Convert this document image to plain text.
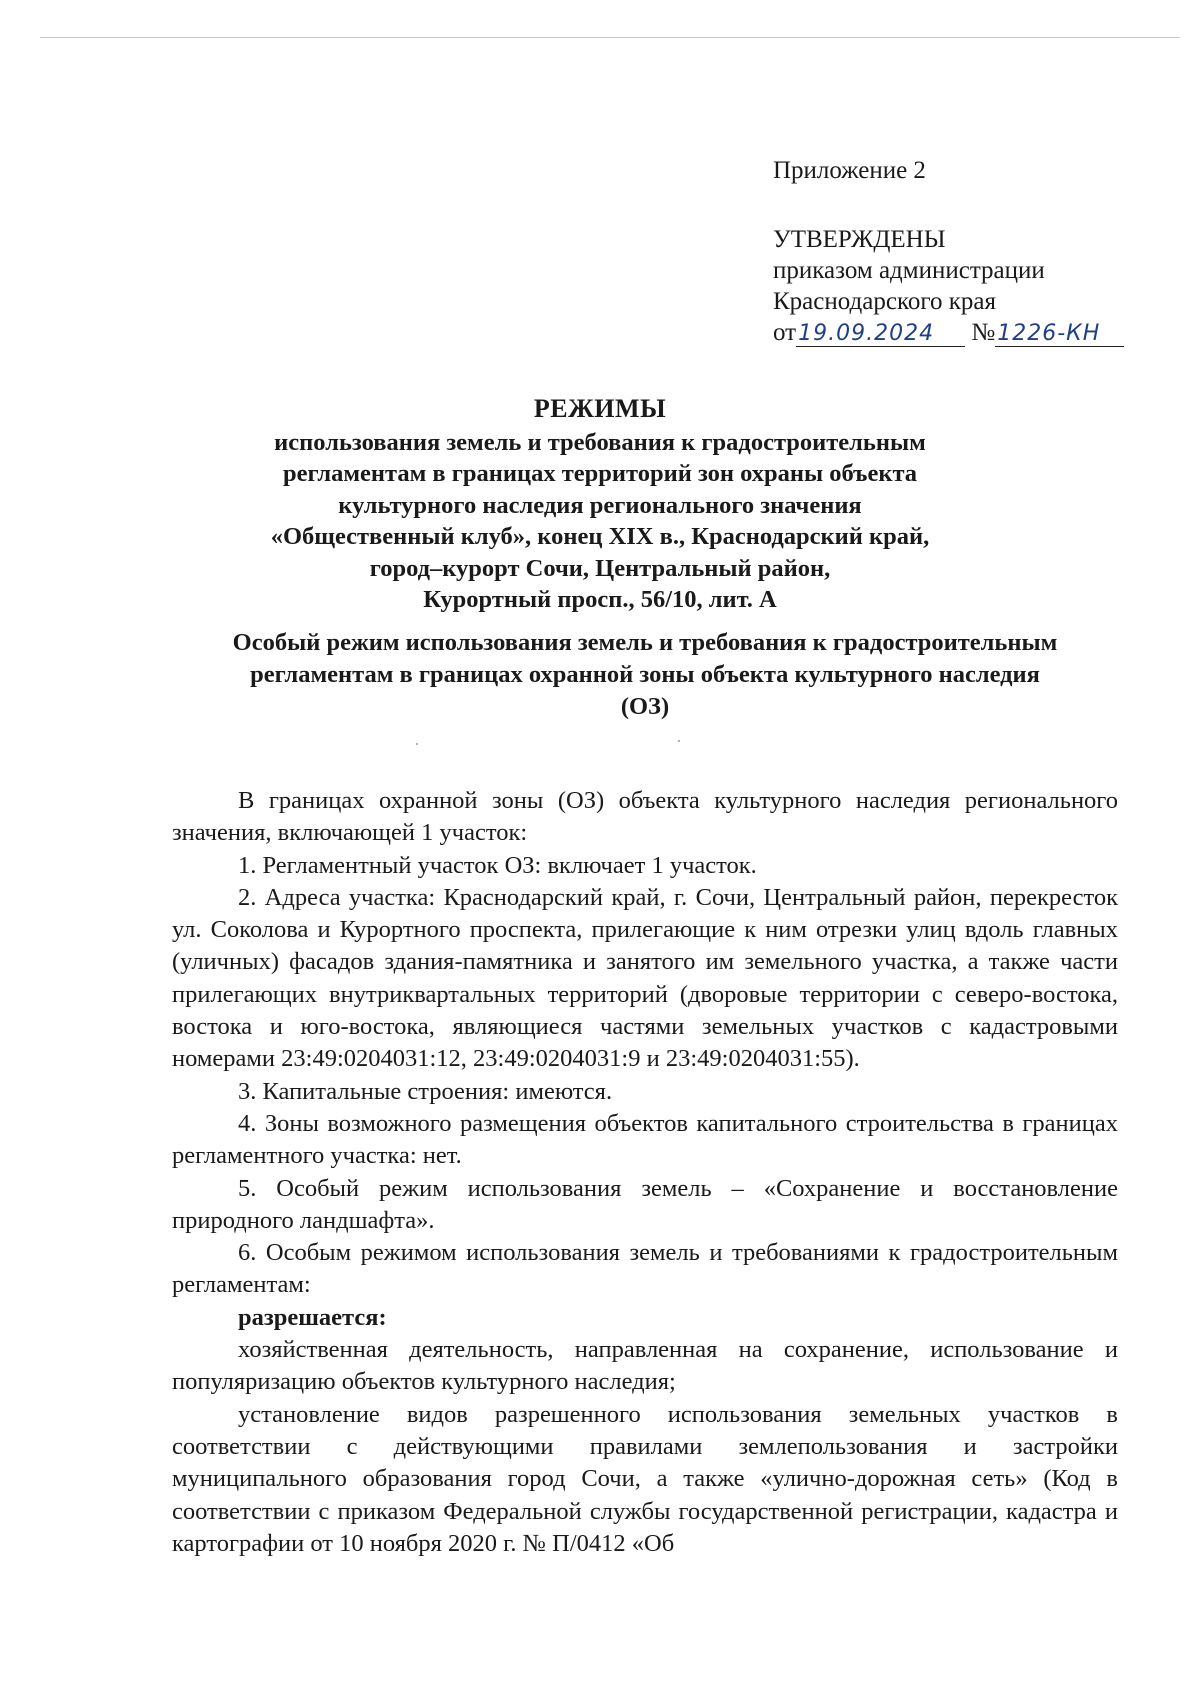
Приложение 2

УТВЕРЖДЕНЫ

приказом администрации

Краснодарского края

от19.09.2024 №1226-КН

РЕЖИМЫ

использования земель и требования к градостроительным

регламентам в границах территорий зон охраны объекта

культурного наследия регионального значения

«Общественный клуб», конец XIX в., Краснодарский край,

город–курорт Сочи, Центральный район,

Курортный просп., 56/10, лит. А

Особый режим использования земель и требования к градостроительным

регламентам в границах охранной зоны объекта культурного наследия

(ОЗ)

В границах охранной зоны (ОЗ) объекта культурного наследия регионального значения, включающей 1 участок:

1. Регламентный участок ОЗ: включает 1 участок.

2. Адреса участка: Краснодарский край, г. Сочи, Центральный район, перекресток ул. Соколова и Курортного проспекта, прилегающие к ним отрезки улиц вдоль главных (уличных) фасадов здания-памятника и занятого им земельного участка, а также части прилегающих внутриквартальных территорий (дворовые территории с северо-востока, востока и юго-востока, являющиеся частями земельных участков с кадастровыми номерами 23:49:0204031:12, 23:49:0204031:9 и 23:49:0204031:55).

3. Капитальные строения: имеются.

4. Зоны возможного размещения объектов капитального строительства в границах регламентного участка: нет.

5. Особый режим использования земель – «Сохранение и восстановление природного ландшафта».

6. Особым режимом использования земель и требованиями к градостроительным регламентам:

разрешается:

хозяйственная деятельность, направленная на сохранение, использование и популяризацию объектов культурного наследия;

установление видов разрешенного использования земельных участков в соответствии с действующими правилами землепользования и застройки муниципального образования город Сочи, а также «улично-дорожная сеть» (Код в соответствии с приказом Федеральной службы государственной регистрации, кадастра и картографии от 10 ноября 2020 г. № П/0412 «Об
